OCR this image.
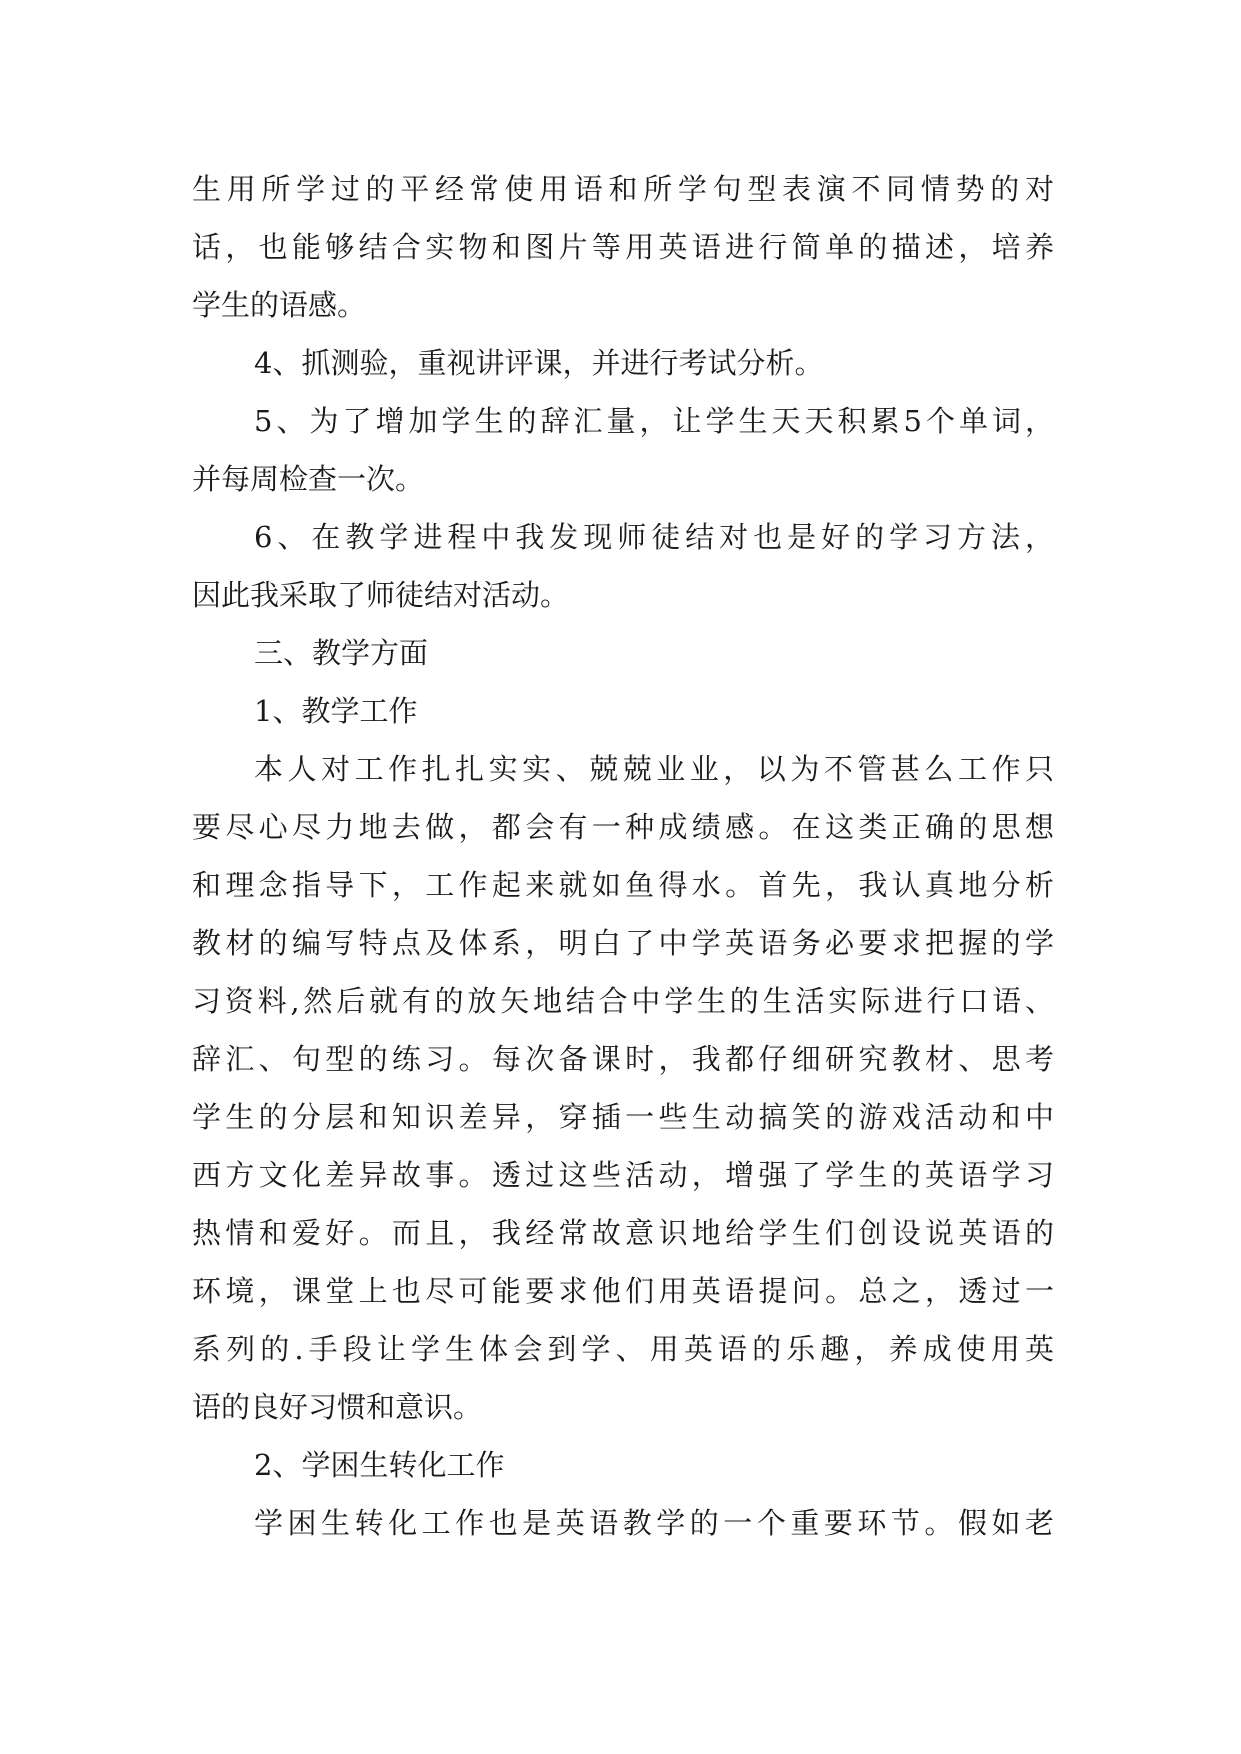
生用所学过的平经常使用语和所学句型表演不同情势的对
话，也能够结合实物和图片等用英语进行简单的描述，培养
学生的语感。
4、抓测验，重视讲评课，并进行考试分析。
5、为了增加学生的辞汇量，让学生天天积累5个单词，
并每周检查一次。
6、在教学进程中我发现师徒结对也是好的学习方法，
因此我采取了师徒结对活动。
三、教学方面
1、教学工作
本人对工作扎扎实实、兢兢业业，以为不管甚么工作只
要尽心尽力地去做，都会有一种成绩感。在这类正确的思想
和理念指导下，工作起来就如鱼得水。首先，我认真地分析
教材的编写特点及体系，明白了中学英语务必要求把握的学
习资料,然后就有的放矢地结合中学生的生活实际进行口语、
辞汇、句型的练习。每次备课时，我都仔细研究教材、思考
学生的分层和知识差异，穿插一些生动搞笑的游戏活动和中
西方文化差异故事。透过这些活动，增强了学生的英语学习
热情和爱好。而且，我经常故意识地给学生们创设说英语的
环境，课堂上也尽可能要求他们用英语提问。总之，透过一
系列的.手段让学生体会到学、用英语的乐趣，养成使用英
语的良好习惯和意识。
2、学困生转化工作
学困生转化工作也是英语教学的一个重要环节。假如老
